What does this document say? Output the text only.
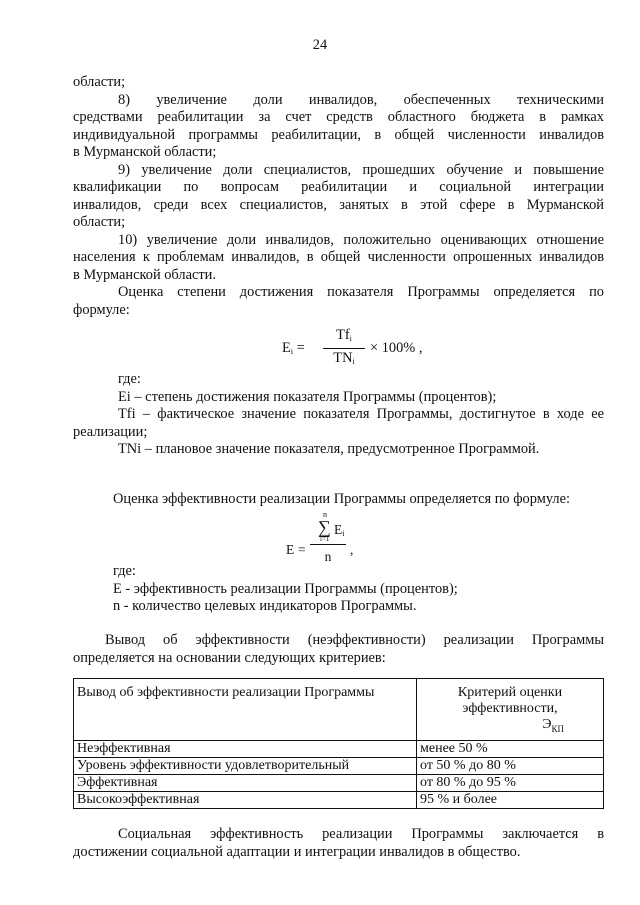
24

области;

8) увеличение доли инвалидов, обеспеченных техническими
средствами реабилитации за счет средств областного бюджета в рамках
индивидуальной программы реабилитации, в общей численности инвалидов
в Мурманской области;

9) увеличение доли специалистов, прошедших обучение и повышение
квалификации по вопросам реабилитации и социальной интеграции
инвалидов, среди всех специалистов, занятых в этой сфере в Мурманской
области;

10) увеличение доли инвалидов, положительно оценивающих отношение
населения к проблемам инвалидов, в общей численности опрошенных инвалидов
в Мурманской области.

Оценка степени достижения показателя Программы определяется по
формуле:

$E_i$ =
$Tf_i$
$TN_i$
× 100% ,

где:

Ei – степень достижения показателя Программы (процентов);

Tfi – фактическое значение показателя Программы, достигнутое в ходе ее
реализации;

TNi – плановое значение показателя, предусмотренное Программой.

Оценка эффективности реализации Программы определяется по формуле:

E = n
∑ $E_i$
i=1
n ,

где:

Е - эффективность реализации Программы (процентов);

n - количество целевых индикаторов Программы.

Вывод об эффективности (неэффективности) реализации Программы
определяется на основании следующих критериев:

Вывод об эффективности реализации Программы	Критерий оценки
эффективности,
$Э_{КП}$

Неэффективная	менее 50 %
Уровень эффективности удовлетворительный	от 50 % до 80 %
Эффективная	от 80 % до 95 %
Высокоэффективная	95 % и более

Социальная эффективность реализации Программы заключается в
достижении социальной адаптации и интеграции инвалидов в общество.
